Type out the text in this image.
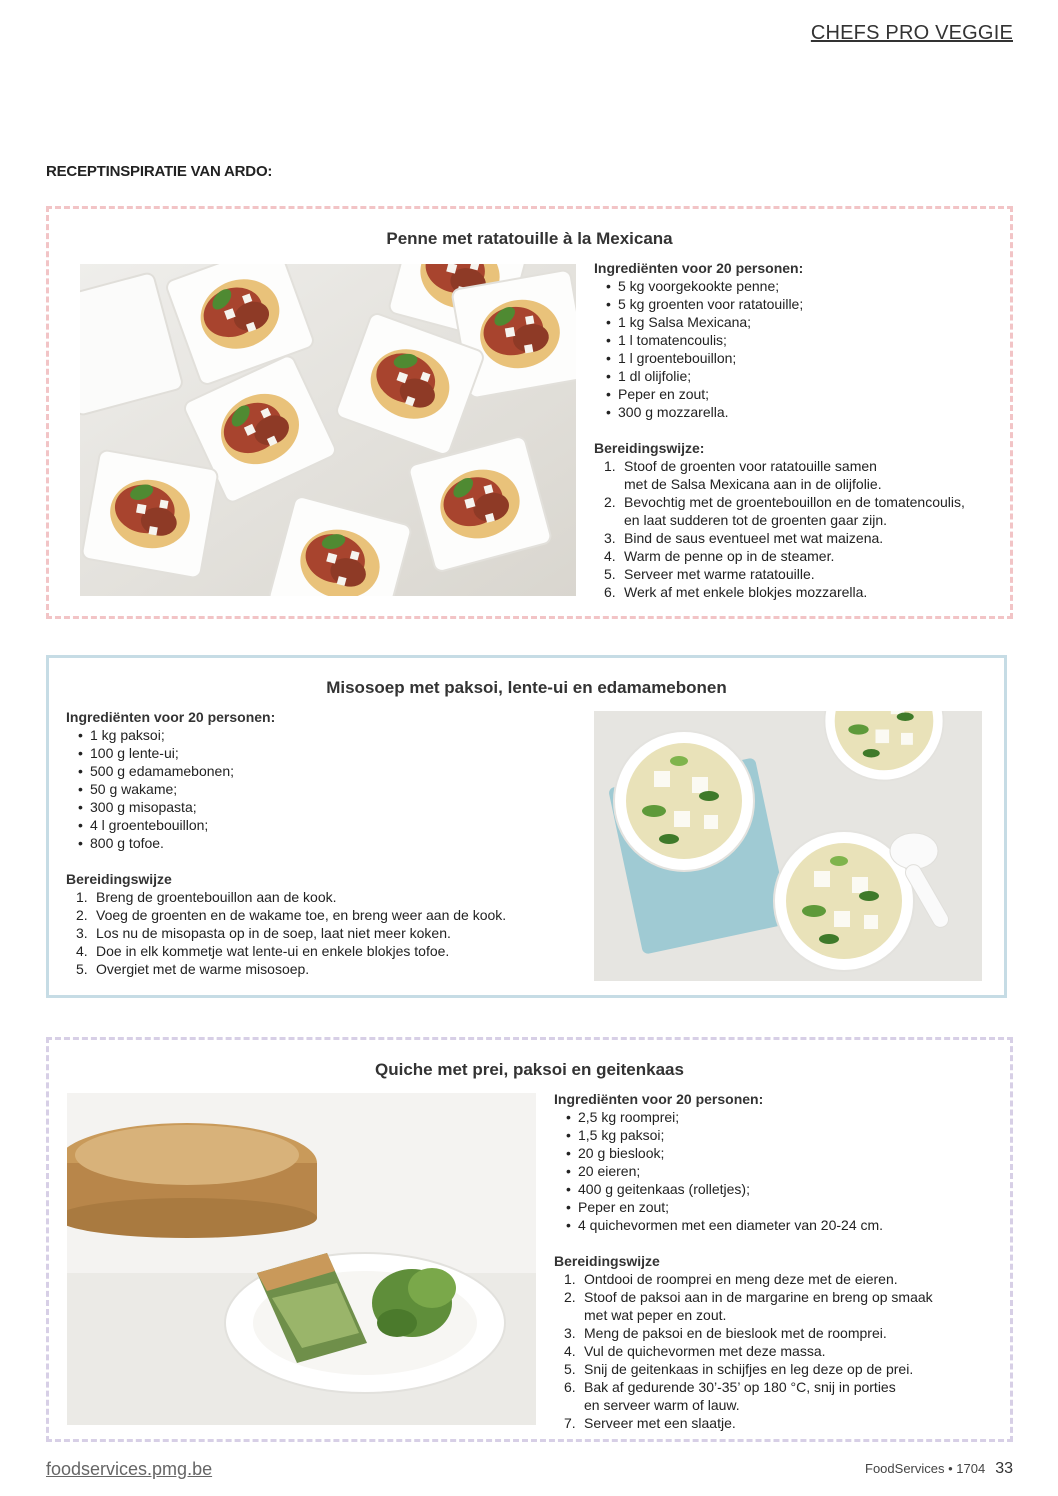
CHEFS PRO VEGGIE
RECEPTINSPIRATIE VAN ARDO:
Penne met ratatouille à la Mexicana
Ingrediënten voor 20 personen:
• 5 kg voorgekookte penne;
• 5 kg groenten voor ratatouille;
• 1 kg Salsa Mexicana;
• 1 l tomatencoulis;
• 1 l groentebouillon;
• 1 dl olijfolie;
• Peper en zout;
• 300 g mozzarella.
Bereidingswijze:
1. Stoof de groenten voor ratatouille samen
met de Salsa Mexicana aan in de olijfolie.
2. Bevochtig met de groentebouillon en de tomatencoulis,
en laat sudderen tot de groenten gaar zijn.
3. Bind de saus eventueel met wat maizena.
4. Warm de penne op in de steamer.
5. Serveer met warme ratatouille.
6. Werk af met enkele blokjes mozzarella.
Misosoep met paksoi, lente-ui en edamamebonen
Ingrediënten voor 20 personen:
• 1 kg paksoi;
• 100 g lente-ui;
• 500 g edamamebonen;
• 50 g wakame;
• 300 g misopasta;
• 4 l groentebouillon;
• 800 g tofoe.
Bereidingswijze
1. Breng de groentebouillon aan de kook.
2. Voeg de groenten en de wakame toe, en breng weer aan de kook.
3. Los nu de misopasta op in de soep, laat niet meer koken.
4. Doe in elk kommetje wat lente-ui en enkele blokjes tofoe.
5. Overgiet met de warme misosoep.
Quiche met prei, paksoi en geitenkaas
Ingrediënten voor 20 personen:
• 2,5 kg roomprei;
• 1,5 kg paksoi;
• 20 g bieslook;
• 20 eieren;
• 400 g geitenkaas (rolletjes);
• Peper en zout;
• 4 quichevormen met een diameter van 20-24 cm.
Bereidingswijze
1. Ontdooi de roomprei en meng deze met de eieren.
2. Stoof de paksoi aan in de margarine en breng op smaak
met wat peper en zout.
3. Meng de paksoi en de bieslook met de roomprei.
4. Vul de quichevormen met deze massa.
5. Snij de geitenkaas in schijfjes en leg deze op de prei.
6. Bak af gedurende 30’-35’ op 180 °C, snij in porties
en serveer warm of lauw.
7. Serveer met een slaatje.
foodservices.pmg.be	FoodServices • 1704 33
